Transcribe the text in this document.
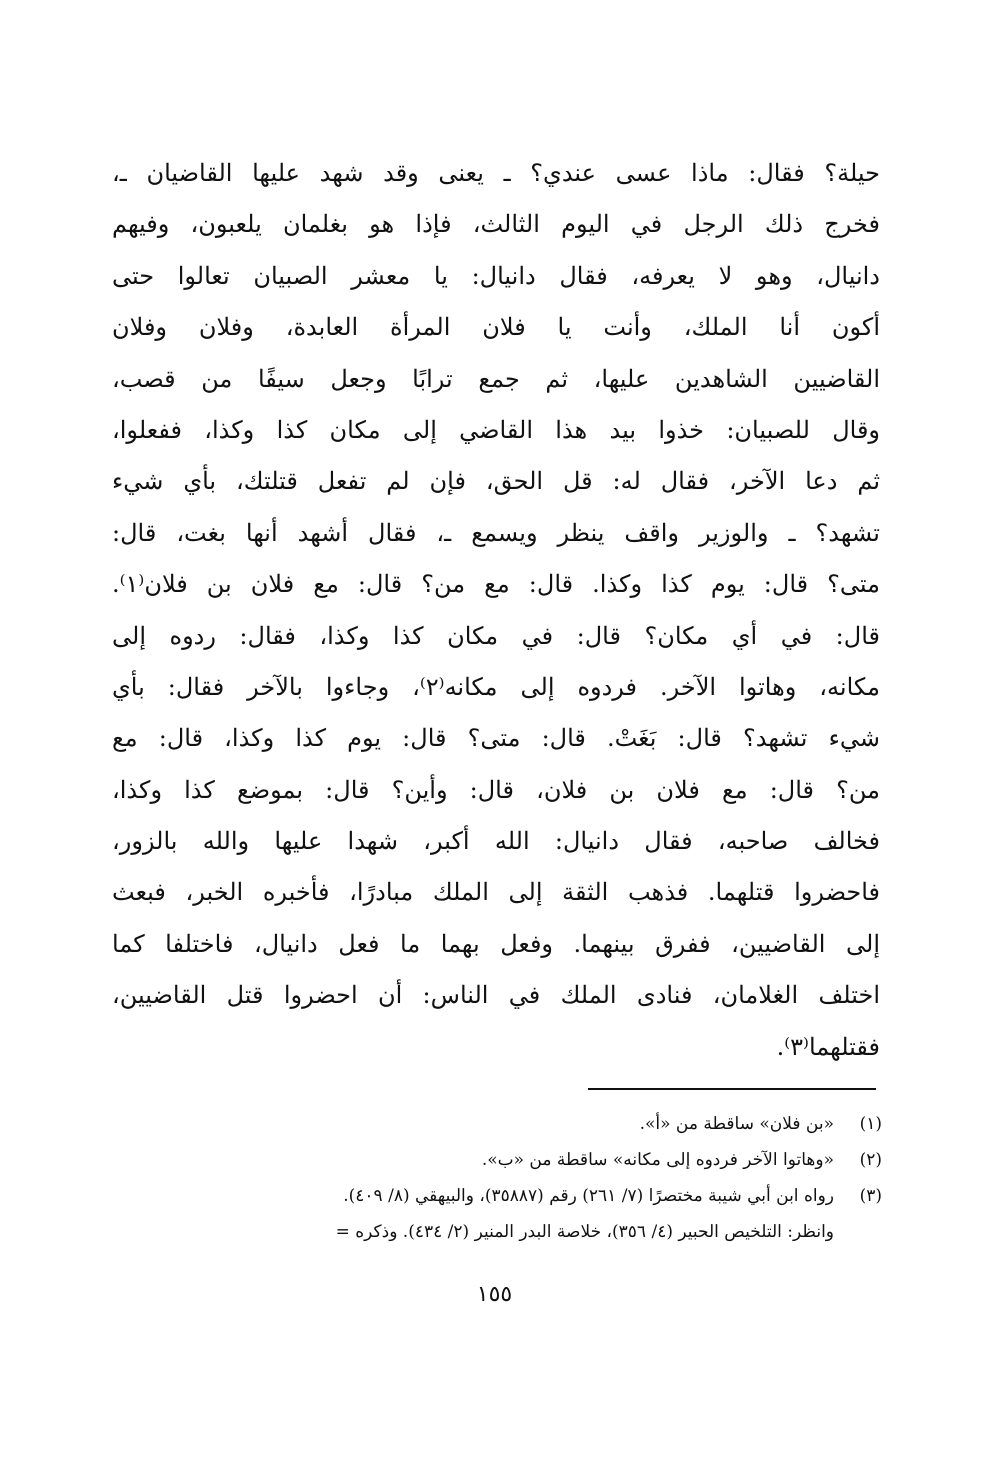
حيلة؟ فقال: ماذا عسى عندي؟ ـ يعنى وقد شهد عليها القاضيان ـ،
فخرج ذلك الرجل في اليوم الثالث، فإذا هو بغلمان يلعبون، وفيهم
دانيال، وهو لا يعرفه، فقال دانيال: يا معشر الصبيان تعالوا حتى
أكون أنا الملك، وأنت يا فلان المرأة العابدة، وفلان وفلان
القاضيين الشاهدين عليها، ثم جمع ترابًا وجعل سيفًا من قصب،
وقال للصبيان: خذوا بيد هذا القاضي إلى مكان كذا وكذا، ففعلوا،
ثم دعا الآخر، فقال له: قل الحق، فإن لم تفعل قتلتك، بأي شيء
تشهد؟ ـ والوزير واقف ينظر ويسمع ـ، فقال أشهد أنها بغت، قال:
متى؟ قال: يوم كذا وكذا. قال: مع من؟ قال: مع فلان بن فلان⁽١⁾.
قال: في أي مكان؟ قال: في مكان كذا وكذا، فقال: ردوه إلى
مكانه، وهاتوا الآخر. فردوه إلى مكانه⁽٢⁾، وجاءوا بالآخر فقال: بأي
شيء تشهد؟ قال: بَغَتْ. قال: متى؟ قال: يوم كذا وكذا، قال: مع
من؟ قال: مع فلان بن فلان، قال: وأين؟ قال: بموضع كذا وكذا،
فخالف صاحبه، فقال دانيال: الله أكبر، شهدا عليها والله بالزور،
فاحضروا قتلهما. فذهب الثقة إلى الملك مبادرًا، فأخبره الخبر، فبعث
إلى القاضيين، ففرق بينهما. وفعل بهما ما فعل دانيال، فاختلفا كما
اختلف الغلامان، فنادى الملك في الناس: أن احضروا قتل القاضيين،
فقتلهما⁽٣⁾.
(١)
«بن فلان» ساقطة من «أ».
(٢)
«وهاتوا الآخر فردوه إلى مكانه» ساقطة من «ب».
(٣)
رواه ابن أبي شيبة مختصرًا (٧/ ٢٦١) رقم (٣٥٨٨٧)، والبيهقي (٨/ ٤٠٩).
وانظر: التلخيص الحبير (٤/ ٣٥٦)، خلاصة البدر المنير (٢/ ٤٣٤). وذكره =
١٥٥
